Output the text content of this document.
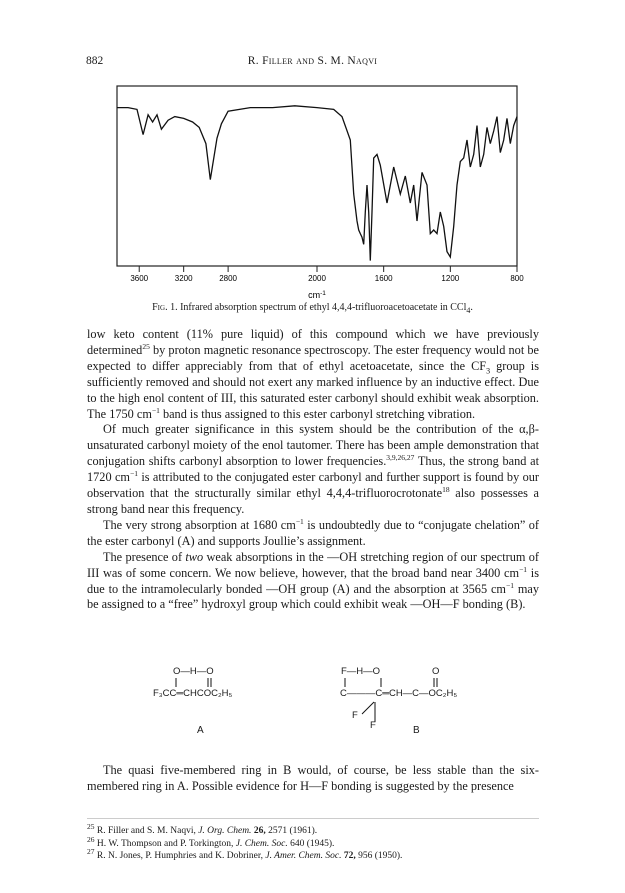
882	R. Filler and S. M. Naqvi
3600	3200	2800	2000	1600	1200	800
$cm^{-1}$
Fig. 1. Infrared absorption spectrum of ethyl 4,4,4-trifluoroacetoacetate in CCl$_4$.

low keto content (11% pure liquid) of this compound which we have previously determined$^{25}$ by proton magnetic resonance spectroscopy. The ester frequency would not be expected to differ appreciably from that of ethyl acetoacetate, since the $CF_3$ group is sufficiently removed and should not exert any marked influence by an inductive effect. Due to the high enol content of III, this saturated ester carbonyl should exhibit weak absorption. The 1750 $cm^{-1}$ band is thus assigned to this ester carbonyl stretching vibration.

Of much greater significance in this system should be the contribution of the α,β-unsaturated carbonyl moiety of the enol tautomer. There has been ample demonstration that conjugation shifts carbonyl absorption to lower frequencies.$^{3,9,26,27}$ Thus, the strong band at 1720 $cm^{-1}$ is attributed to the conjugated ester carbonyl and further support is found by our observation that the structurally similar ethyl 4,4,4-trifluorocrotonate$^{18}$ also possesses a strong band near this frequency.

The very strong absorption at 1680 $cm^{-1}$ is undoubtedly due to “conjugate chelation” of the ester carbonyl (A) and supports Joullie’s assignment.

The presence of two weak absorptions in the —OH stretching region of our spectrum of III was of some concern. We now believe, however, that the broad band near 3400 $cm^{-1}$ is due to the intramolecularly bonded —OH group (A) and the absorption at 3565 $cm^{-1}$ may be assigned to a “free” hydroxyl group which could exhibit weak —OH—F bonding (B).

O—H—O
F₃CC═CHCOC₂H₅
A
F—H—O	O
C———C═CH—C—OC₂H₅
F
F	B

The quasi five-membered ring in B would, of course, be less stable than the six-membered ring in A. Possible evidence for H—F bonding is suggested by the presence

$^{25}$ R. Filler and S. M. Naqvi, J. Org. Chem. 26, 2571 (1961).
$^{26}$ H. W. Thompson and P. Torkington, J. Chem. Soc. 640 (1945).
$^{27}$ R. N. Jones, P. Humphries and K. Dobriner, J. Amer. Chem. Soc. 72, 956 (1950).
